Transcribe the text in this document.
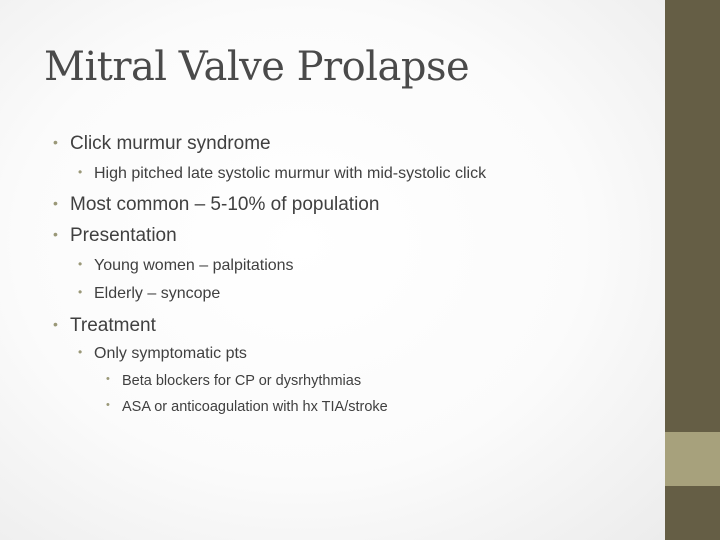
Mitral Valve Prolapse
• Click murmur syndrome
• High pitched late systolic murmur with mid-systolic click
• Most common – 5-10% of population
• Presentation
• Young women – palpitations
• Elderly – syncope
• Treatment
• Only symptomatic pts
• Beta blockers for CP or dysrhythmias
• ASA or anticoagulation with hx TIA/stroke
